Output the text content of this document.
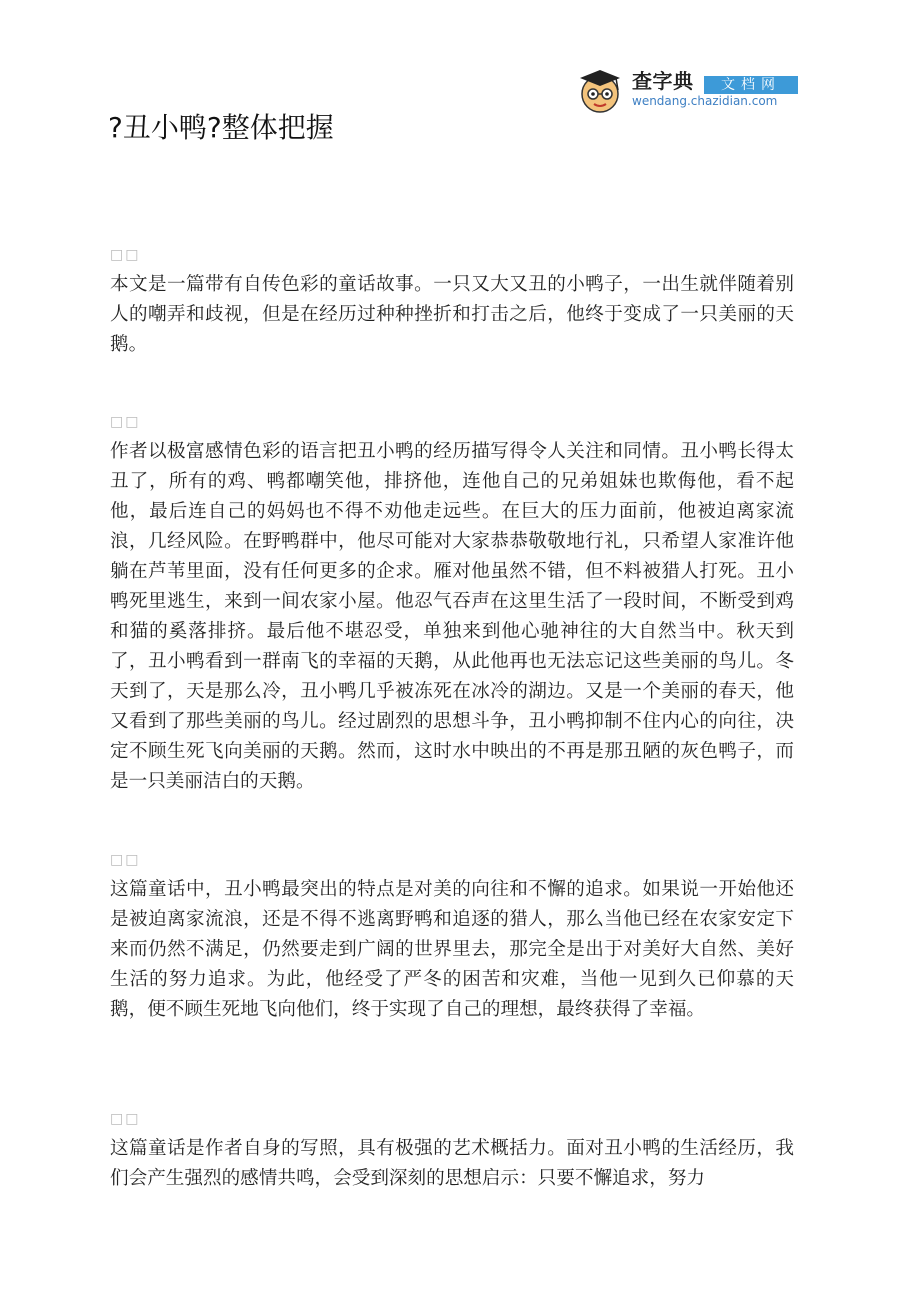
查字典	文档网
wendang.chazidian.com
?丑小鸭?整体把握
□□

本文是一篇带有自传色彩的童话故事。一只又大又丑的小鸭子，一出生就伴随着别人的嘲弄和歧视，但是在经历过种种挫折和打击之后，他终于变成了一只美丽的天鹅。

□□

作者以极富感情色彩的语言把丑小鸭的经历描写得令人关注和同情。丑小鸭长得太丑了，所有的鸡、鸭都嘲笑他，排挤他，连他自己的兄弟姐妹也欺侮他，看不起他，最后连自己的妈妈也不得不劝他走远些。在巨大的压力面前，他被迫离家流浪，几经风险。在野鸭群中，他尽可能对大家恭恭敬敬地行礼，只希望人家准许他躺在芦苇里面，没有任何更多的企求。雁对他虽然不错，但不料被猎人打死。丑小鸭死里逃生，来到一间农家小屋。他忍气吞声在这里生活了一段时间，不断受到鸡和猫的奚落排挤。最后他不堪忍受，单独来到他心驰神往的大自然当中。秋天到了，丑小鸭看到一群南飞的幸福的天鹅，从此他再也无法忘记这些美丽的鸟儿。冬天到了，天是那么冷，丑小鸭几乎被冻死在冰冷的湖边。又是一个美丽的春天，他又看到了那些美丽的鸟儿。经过剧烈的思想斗争，丑小鸭抑制不住内心的向往，决定不顾生死飞向美丽的天鹅。然而，这时水中映出的不再是那丑陋的灰色鸭子，而是一只美丽洁白的天鹅。

□□

这篇童话中，丑小鸭最突出的特点是对美的向往和不懈的追求。如果说一开始他还是被迫离家流浪，还是不得不逃离野鸭和追逐的猎人，那么当他已经在农家安定下来而仍然不满足，仍然要走到广阔的世界里去，那完全是出于对美好大自然、美好生活的努力追求。为此，他经受了严冬的困苦和灾难，当他一见到久已仰慕的天鹅，便不顾生死地飞向他们，终于实现了自己的理想，最终获得了幸福。

□□

这篇童话是作者自身的写照，具有极强的艺术概括力。面对丑小鸭的生活经历，我们会产生强烈的感情共鸣，会受到深刻的思想启示：只要不懈追求，努力
